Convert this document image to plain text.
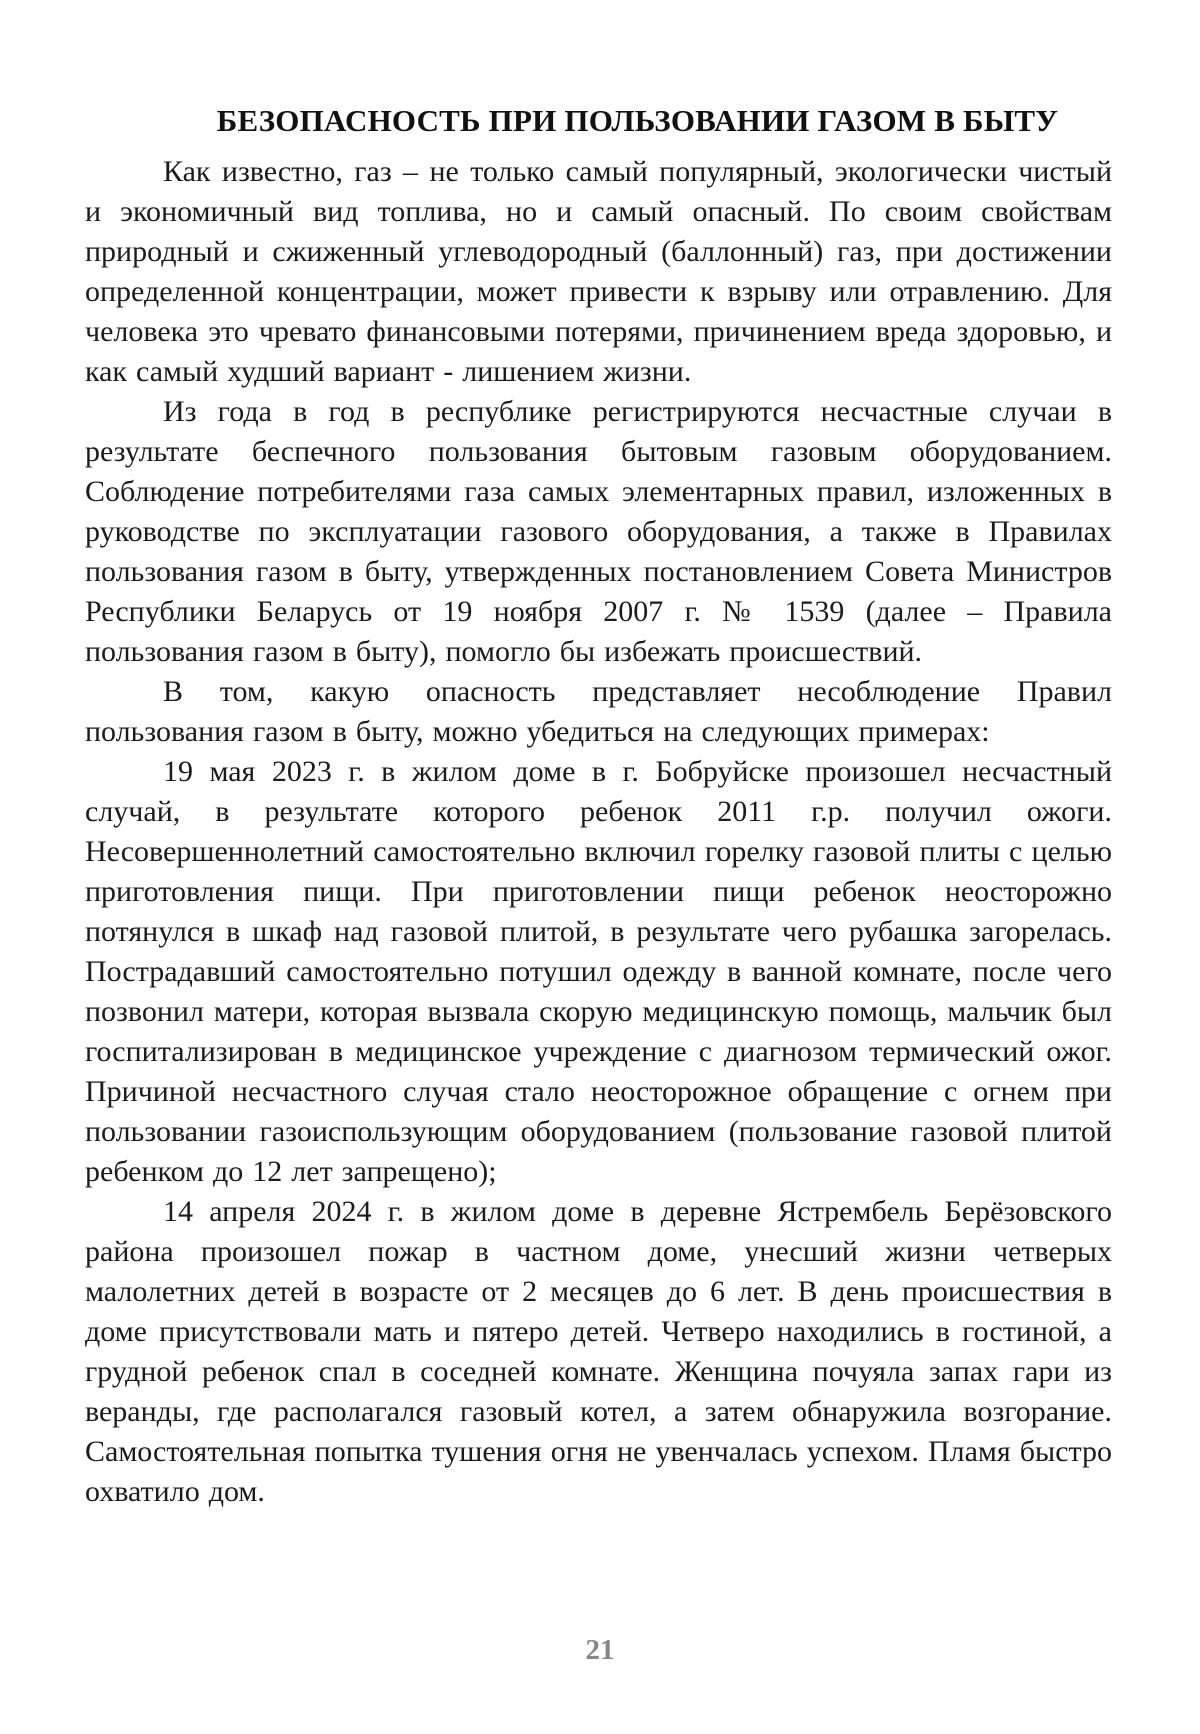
БЕЗОПАСНОСТЬ ПРИ ПОЛЬЗОВАНИИ ГАЗОМ В БЫТУ

Как известно, газ – не только самый популярный, экологически чистый и экономичный вид топлива, но и самый опасный. По своим свойствам природный и сжиженный углеводородный (баллонный) газ, при достижении определенной концентрации, может привести к взрыву или отравлению. Для человека это чревато финансовыми потерями, причинением вреда здоровью, и как самый худший вариант - лишением жизни.

Из года в год в республике регистрируются несчастные случаи в результате беспечного пользования бытовым газовым оборудованием. Соблюдение потребителями газа самых элементарных правил, изложенных в руководстве по эксплуатации газового оборудования, а также в Правилах пользования газом в быту, утвержденных постановлением Совета Министров Республики Беларусь от 19 ноября 2007 г. № 1539 (далее – Правила пользования газом в быту), помогло бы избежать происшествий.

В том, какую опасность представляет несоблюдение Правил пользования газом в быту, можно убедиться на следующих примерах:

19 мая 2023 г. в жилом доме в г. Бобруйске произошел несчастный случай, в результате которого ребенок 2011 г.р. получил ожоги. Несовершеннолетний самостоятельно включил горелку газовой плиты с целью приготовления пищи. При приготовлении пищи ребенок неосторожно потянулся в шкаф над газовой плитой, в результате чего рубашка загорелась. Пострадавший самостоятельно потушил одежду в ванной комнате, после чего позвонил матери, которая вызвала скорую медицинскую помощь, мальчик был госпитализирован в медицинское учреждение с диагнозом термический ожог. Причиной несчастного случая стало неосторожное обращение с огнем при пользовании газоиспользующим оборудованием (пользование газовой плитой ребенком до 12 лет запрещено);

14 апреля 2024 г. в жилом доме в деревне Ястрембель Берёзовского района произошел пожар в частном доме, унесший жизни четверых малолетних детей в возрасте от 2 месяцев до 6 лет. В день происшествия в доме присутствовали мать и пятеро детей. Четверо находились в гостиной, а грудной ребенок спал в соседней комнате. Женщина почуяла запах гари из веранды, где располагался газовый котел, а затем обнаружила возгорание. Самостоятельная попытка тушения огня не увенчалась успехом. Пламя быстро охватило дом.

21
